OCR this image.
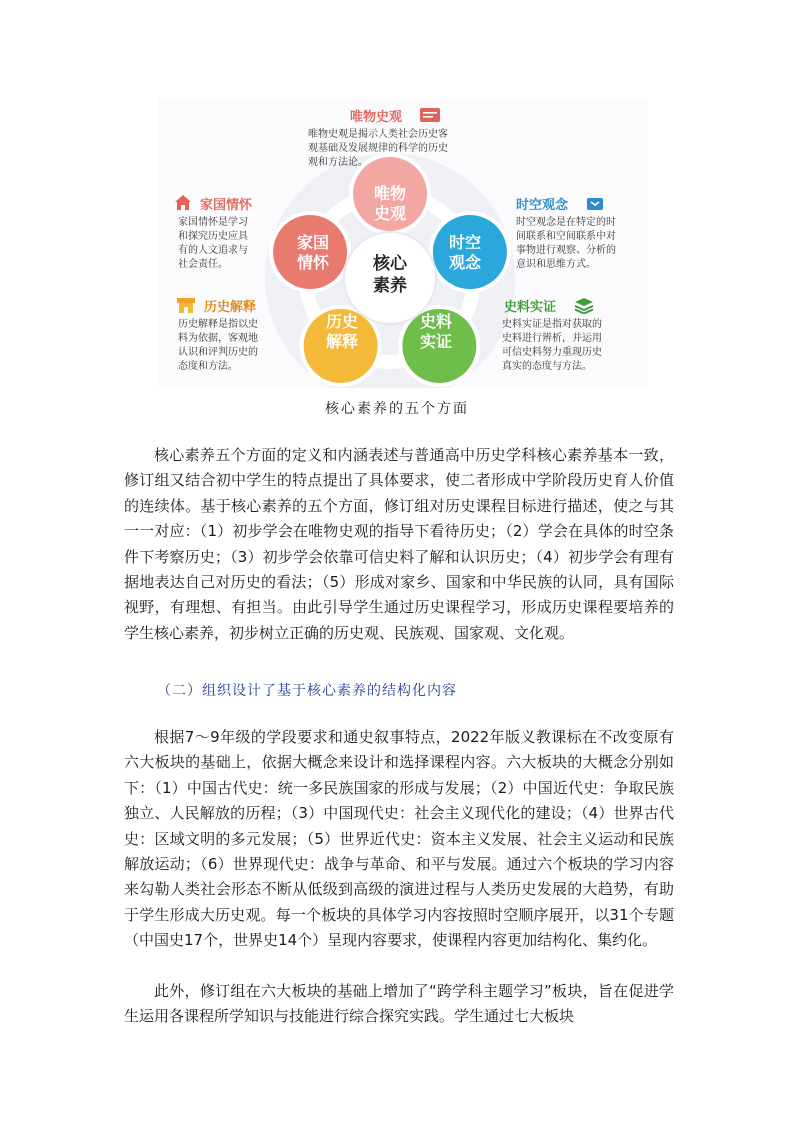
唯物
史观
时空
观念
史料
实证
历史
解释
家国
情怀	核心
素养
唯物史观
唯物史观是揭示人类社会历史客
观基础及发展规律的科学的历史
观和方法论。
家国情怀
家国情怀是学习
和探究历史应具
有的人文追求与
社会责任。
时空观念
时空观念是在特定的时
间联系和空间联系中对
事物进行观察、分析的
意识和思维方式。
历史解释
历史解释是指以史
料为依据，客观地
认识和评判历史的
态度和方法。
史料实证
史料实证是指对获取的
史料进行辨析，并运用
可信史料努力重现历史
真实的态度与方法。
核心素养的五个方面
核心素养五个方面的定义和内涵表述与普通高中历史学科核心素养基本一致，修订组又结合初中学生的特点提出了具体要求，使二者形成中学阶段历史育人价值的连续体。基于核心素养的五个方面，修订组对历史课程目标进行描述，使之与其一一对应：（1）初步学会在唯物史观的指导下看待历史；（2）学会在具体的时空条件下考察历史；（3）初步学会依靠可信史料了解和认识历史；（4）初步学会有理有据地表达自己对历史的看法；（5）形成对家乡、国家和中华民族的认同，具有国际视野，有理想、有担当。由此引导学生通过历史课程学习，形成历史课程要培养的学生核心素养，初步树立正确的历史观、民族观、国家观、文化观。
（二）组织设计了基于核心素养的结构化内容
根据7～9年级的学段要求和通史叙事特点，2022年版义教课标在不改变原有六大板块的基础上，依据大概念来设计和选择课程内容。六大板块的大概念分别如下：（1）中国古代史：统一多民族国家的形成与发展；（2）中国近代史：争取民族独立、人民解放的历程；（3）中国现代史：社会主义现代化的建设；（4）世界古代史：区域文明的多元发展；（5）世界近代史：资本主义发展、社会主义运动和民族解放运动；（6）世界现代史：战争与革命、和平与发展。通过六个板块的学习内容来勾勒人类社会形态不断从低级到高级的演进过程与人类历史发展的大趋势，有助于学生形成大历史观。每一个板块的具体学习内容按照时空顺序展开，以31个专题（中国史17个，世界史14个）呈现内容要求，使课程内容更加结构化、集约化。
此外，修订组在六大板块的基础上增加了“跨学科主题学习”板块，旨在促进学生运用各课程所学知识与技能进行综合探究实践。学生通过七大板块
